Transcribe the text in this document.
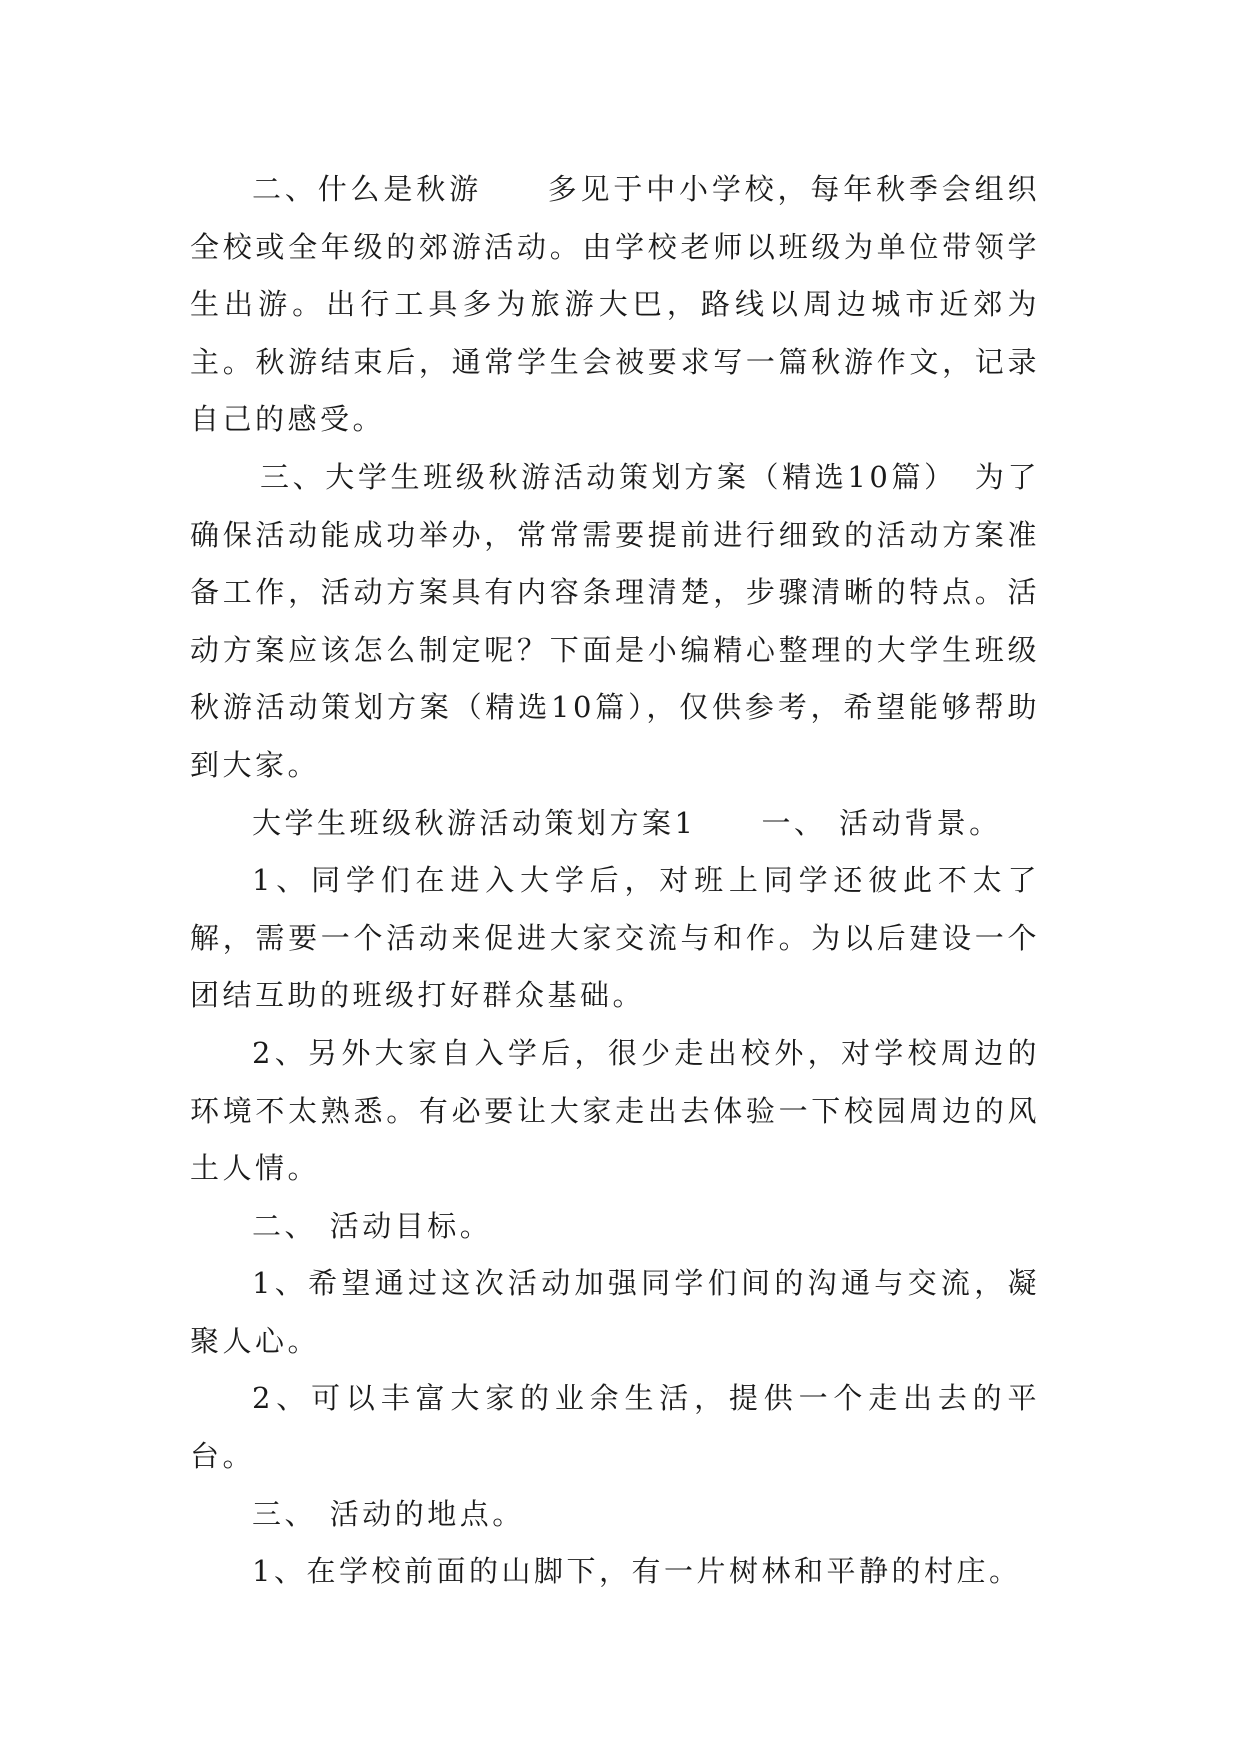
二、什么是秋游　　多见于中小学校，每年秋季会组织全校或全年级的郊游活动。由学校老师以班级为单位带领学生出游。出行工具多为旅游大巴，路线以周边城市近郊为主。秋游结束后，通常学生会被要求写一篇秋游作文，记录自己的感受。

三、大学生班级秋游活动策划方案（精选10篇）　为了确保活动能成功举办，常常需要提前进行细致的活动方案准备工作，活动方案具有内容条理清楚，步骤清晰的特点。活动方案应该怎么制定呢？下面是小编精心整理的大学生班级秋游活动策划方案（精选10篇），仅供参考，希望能够帮助到大家。

大学生班级秋游活动策划方案1　　一、 活动背景。

1、同学们在进入大学后，对班上同学还彼此不太了解，需要一个活动来促进大家交流与和作。为以后建设一个团结互助的班级打好群众基础。

2、另外大家自入学后，很少走出校外，对学校周边的环境不太熟悉。有必要让大家走出去体验一下校园周边的风土人情。

二、 活动目标。

1、希望通过这次活动加强同学们间的沟通与交流，凝聚人心。

2、可以丰富大家的业余生活，提供一个走出去的平台。

三、 活动的地点。

1、在学校前面的山脚下，有一片树林和平静的村庄。
